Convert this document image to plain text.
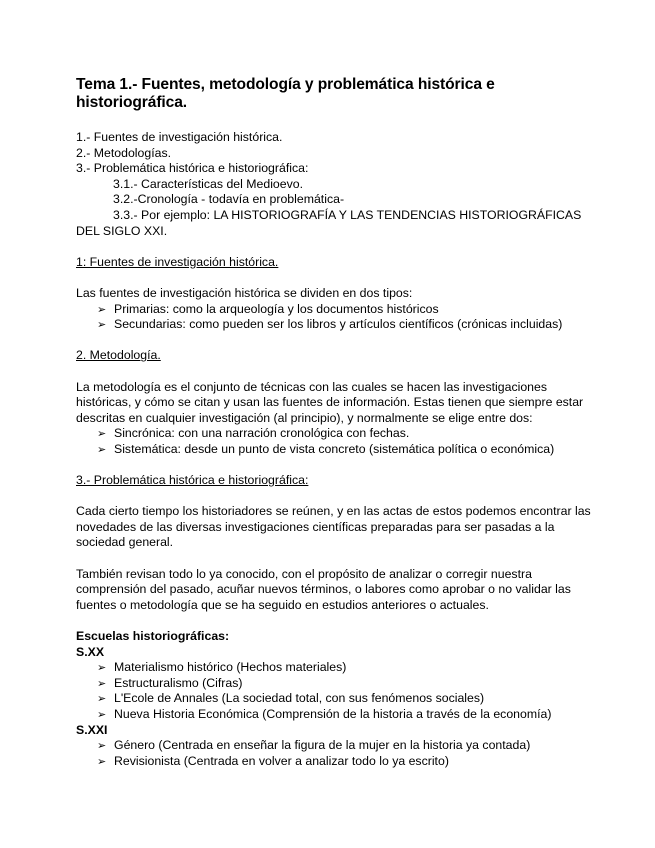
Tema 1.- Fuentes, metodología y problemática histórica e historiográfica.
1.- Fuentes de investigación histórica.
2.- Metodologías.
3.- Problemática histórica e historiográfica:
3.1.- Características del Medioevo.
3.2.-Cronología - todavía en problemática-
3.3.- Por ejemplo: LA HISTORIOGRAFÍA Y LAS TENDENCIAS HISTORIOGRÁFICAS
DEL SIGLO XXI.
1: Fuentes de investigación histórica.
Las fuentes de investigación histórica se dividen en dos tipos:
➢ Primarias: como la arqueología y los documentos históricos
➢ Secundarias: como pueden ser los libros y artículos científicos (crónicas incluidas)
2. Metodología.
La metodología es el conjunto de técnicas con las cuales se hacen las investigaciones
históricas, y cómo se citan y usan las fuentes de información. Estas tienen que siempre estar
descritas en cualquier investigación (al principio), y normalmente se elige entre dos:
➢ Sincrónica: con una narración cronológica con fechas.
➢ Sistemática: desde un punto de vista concreto (sistemática política o económica)
3.- Problemática histórica e historiográfica:
Cada cierto tiempo los historiadores se reúnen, y en las actas de estos podemos encontrar las
novedades de las diversas investigaciones científicas preparadas para ser pasadas a la
sociedad general.
También revisan todo lo ya conocido, con el propósito de analizar o corregir nuestra
comprensión del pasado, acuñar nuevos términos, o labores como aprobar o no validar las
fuentes o metodología que se ha seguido en estudios anteriores o actuales.
Escuelas historiográficas:
S.XX
➢ Materialismo histórico (Hechos materiales)
➢ Estructuralismo (Cifras)
➢ L'Ecole de Annales (La sociedad total, con sus fenómenos sociales)
➢ Nueva Historia Económica (Comprensión de la historia a través de la economía)
S.XXI
➢ Género (Centrada en enseñar la figura de la mujer en la historia ya contada)
➢ Revisionista (Centrada en volver a analizar todo lo ya escrito)
